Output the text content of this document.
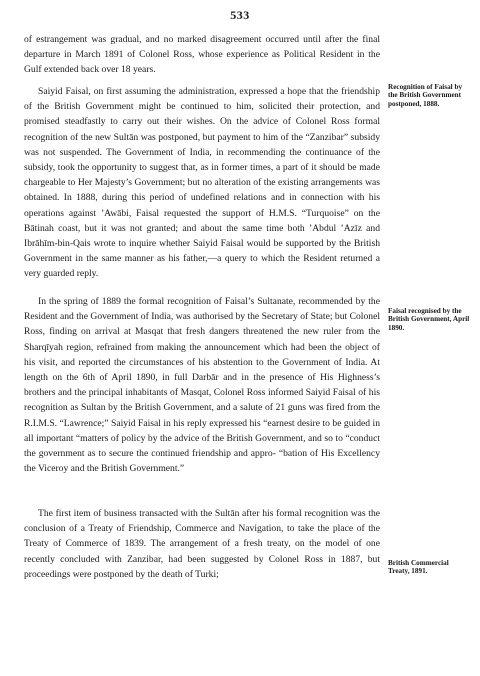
533

of estrangement was gradual, and no marked disagreement occurred until after the final departure in March 1891 of Colonel Ross, whose experience as Political Resident in the Gulf extended back over 18 years.

Saiyid Faisal, on first assuming the administration, expressed a hope that the friendship of the British Government might be continued to him, solicited their protection, and promised steadfastly to carry out their wishes. On the advice of Colonel Ross formal recognition of the new Sultān was postponed, but payment to him of the “Zanzibar” subsidy was not suspended. The Government of India, in recommending the continuance of the subsidy, took the opportunity to suggest that, as in former times, a part of it should be made chargeable to Her Majesty’s Government; but no alteration of the existing arrangements was obtained. In 1888, during this period of undefined relations and in connection with his operations against ’Awābi, Faisal requested the support of H.M.S. “Turquoise” on the Bātinah coast, but it was not granted; and about the same time both ’Abdul ’Azīz and Ibrāhīm-bin-Qais wrote to inquire whether Saiyid Faisal would be supported by the British Government in the same manner as his father,—a query to which the Resident returned a very guarded reply.

In the spring of 1889 the formal recognition of Faisal’s Sultanate, recommended by the Resident and the Government of India, was authorised by the Secretary of State; but Colonel Ross, finding on arrival at Masqat that fresh dangers threatened the new ruler from the Sharqīyah region, refrained from making the announcement which had been the object of his visit, and reported the circumstances of his abstention to the Government of India. At length on the 6th of April 1890, in full Darbār and in the presence of His Highness’s brothers and the principal inhabitants of Masqat, Colonel Ross informed Saiyid Faisal of his recognition as Sultan by the British Government, and a salute of 21 guns was fired from the R.I.M.S. “Lawrence;” Saiyid Faisal in his reply expressed his “earnest desire to be guided in all important “matters of policy by the advice of the British Government, and so to “conduct the government as to secure the continued friendship and appro- “bation of His Excellency the Viceroy and the British Government.”

The first item of business transacted with the Sultān after his formal recognition was the conclusion of a Treaty of Friendship, Commerce and Navigation, to take the place of the Treaty of Commerce of 1839. The arrangement of a fresh treaty, on the model of one recently concluded with Zanzibar, had been suggested by Colonel Ross in 1887, but proceedings were postponed by the death of Turki;

Recognition of Faisal by the British Government postponed, 1888.
Faisal recognised by the British Government, April 1890.
British Commercial Treaty, 1891.
